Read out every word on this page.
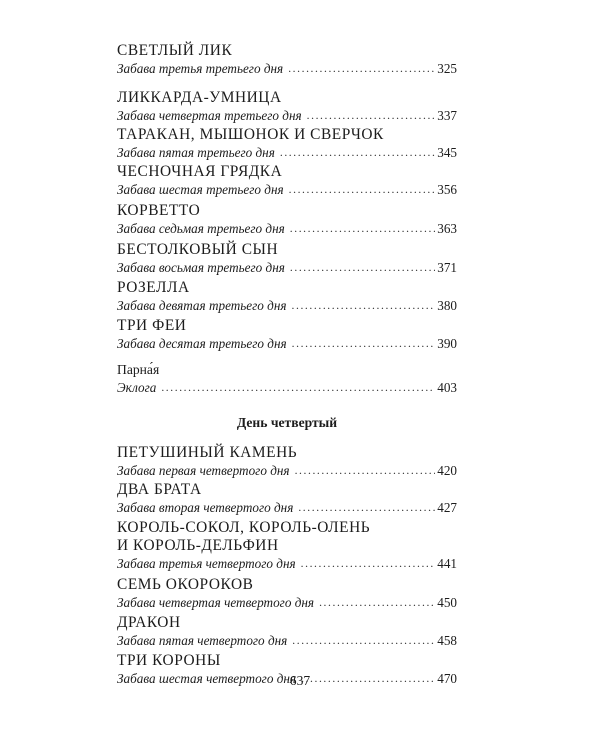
СВЕТЛЫЙ ЛИК
Забава третья третьего дня .....	325
ЛИККАРДА-УМНИЦА
Забава четвертая третьего дня .....	337
ТАРАКАН, МЫШОНОК И СВЕРЧОК
Забава пятая третьего дня .....	345
ЧЕСНОЧНАЯ ГРЯДКА
Забава шестая третьего дня .....	356
КОРВЕТТО
Забава седьмая третьего дня .....	363
БЕСТОЛКОВЫЙ СЫН
Забава восьмая третьего дня .....	371
РОЗЕЛЛА
Забава девятая третьего дня .....	380
ТРИ ФЕИ
Забава десятая третьего дня .....	390
Парна́я
Эклога .....	403
День четвертый
ПЕТУШИНЫЙ КАМЕНЬ
Забава первая четвертого дня .....	420
ДВА БРАТА
Забава вторая четвертого дня .....	427
КОРОЛЬ-СОКОЛ, КОРОЛЬ-ОЛЕНЬ
И КОРОЛЬ-ДЕЛЬФИН
Забава третья четвертого дня .....	441
СЕМЬ ОКОРОКОВ
Забава четвертая четвертого дня .....	450
ДРАКОН
Забава пятая четвертого дня .....	458
ТРИ КОРОНЫ
Забава шестая четвертого дня .....	470
637
